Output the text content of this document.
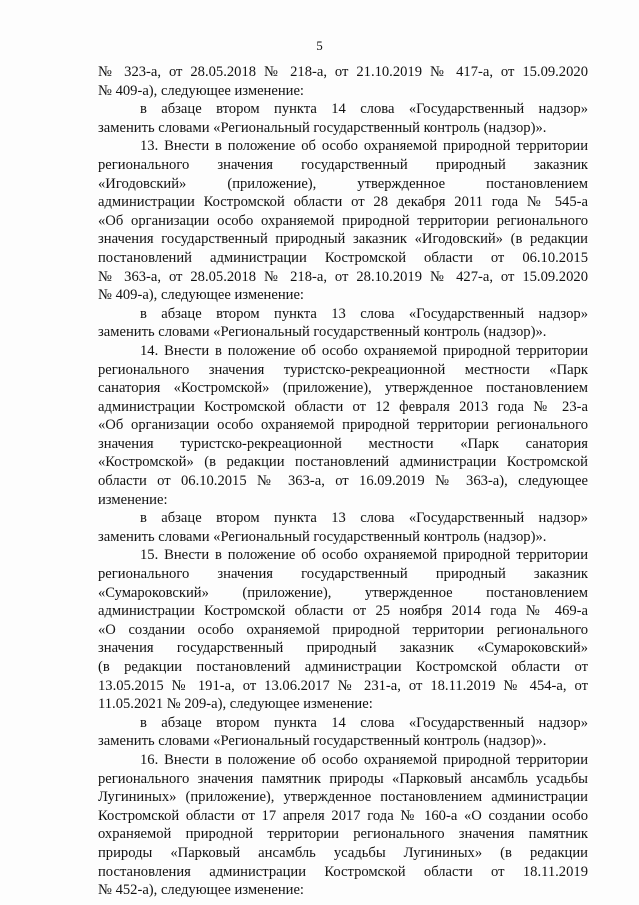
5
№ 323-а, от 28.05.2018 № 218-а, от 21.10.2019 № 417-а, от 15.09.2020
№ 409-а), следующее изменение:
в абзаце втором пункта 14 слова «Государственный надзор»
заменить словами «Региональный государственный контроль (надзор)».
13. Внести в положение об особо охраняемой природной территории
регионального значения государственный природный заказник
«Игодовский» (приложение), утвержденное постановлением
администрации Костромской области от 28 декабря 2011 года № 545-а
«Об организации особо охраняемой природной территории регионального
значения государственный природный заказник «Игодовский» (в редакции
постановлений администрации Костромской области от 06.10.2015
№ 363-а, от 28.05.2018 № 218-а, от 28.10.2019 № 427-а, от 15.09.2020
№ 409-а), следующее изменение:
в абзаце втором пункта 13 слова «Государственный надзор»
заменить словами «Региональный государственный контроль (надзор)».
14. Внести в положение об особо охраняемой природной территории
регионального значения туристско-рекреационной местности «Парк
санатория «Костромской» (приложение), утвержденное постановлением
администрации Костромской области от 12 февраля 2013 года № 23-а
«Об организации особо охраняемой природной территории регионального
значения туристско-рекреационной местности «Парк санатория
«Костромской» (в редакции постановлений администрации Костромской
области от 06.10.2015 № 363-а, от 16.09.2019 № 363-а), следующее
изменение:
в абзаце втором пункта 13 слова «Государственный надзор»
заменить словами «Региональный государственный контроль (надзор)».
15. Внести в положение об особо охраняемой природной территории
регионального значения государственный природный заказник
«Сумароковский» (приложение), утвержденное постановлением
администрации Костромской области от 25 ноября 2014 года № 469-а
«О создании особо охраняемой природной территории регионального
значения государственный природный заказник «Сумароковский»
(в редакции постановлений администрации Костромской области от
13.05.2015 № 191-а, от 13.06.2017 № 231-а, от 18.11.2019 № 454-а, от
11.05.2021 № 209-а), следующее изменение:
в абзаце втором пункта 14 слова «Государственный надзор»
заменить словами «Региональный государственный контроль (надзор)».
16. Внести в положение об особо охраняемой природной территории
регионального значения памятник природы «Парковый ансамбль усадьбы
Лугининых» (приложение), утвержденное постановлением администрации
Костромской области от 17 апреля 2017 года № 160-а «О создании особо
охраняемой природной территории регионального значения памятник
природы «Парковый ансамбль усадьбы Лугининых» (в редакции
постановления администрации Костромской области от 18.11.2019
№ 452-а), следующее изменение:
